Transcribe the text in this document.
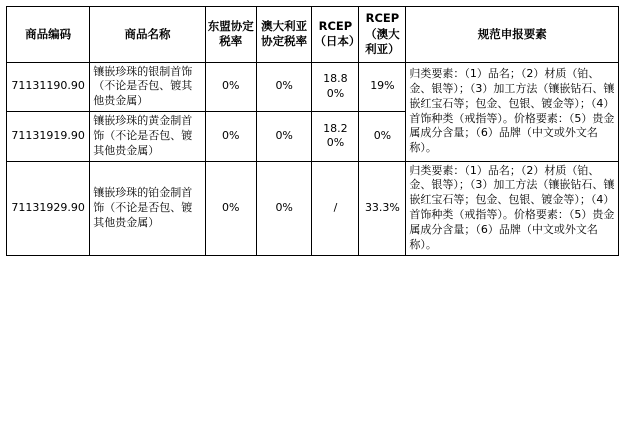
商品编码	商品名称	东盟协定税率	澳大利亚协定税率	RCEP（日本）	RCEP（澳大利亚）	规范申报要素
71131190.90	镶嵌珍珠的银制首饰（不论是否包、镀其他贵金属）	0%	0%	18.80%	19%	归类要素：（1）品名；（2）材质（铂、金、银等）；（3）加工方法（镶嵌钻石、镶嵌红宝石等；包金、包银、镀金等）；（4）首饰种类（戒指等）。价格要素：（5）贵金属成分含量；（6）品牌（中文或外文名称）。
71131919.90	镶嵌珍珠的黄金制首饰（不论是否包、镀其他贵金属）	0%	0%	18.20%	0%	
71131929.90	镶嵌珍珠的铂金制首饰（不论是否包、镀其他贵金属）	0%	0%	/	33.3%	归类要素：（1）品名；（2）材质（铂、金、银等）；（3）加工方法（镶嵌钻石、镶嵌红宝石等；包金、包银、镀金等）；（4）首饰种类（戒指等）。价格要素：（5）贵金属成分含量；（6）品牌（中文或外文名称）。
